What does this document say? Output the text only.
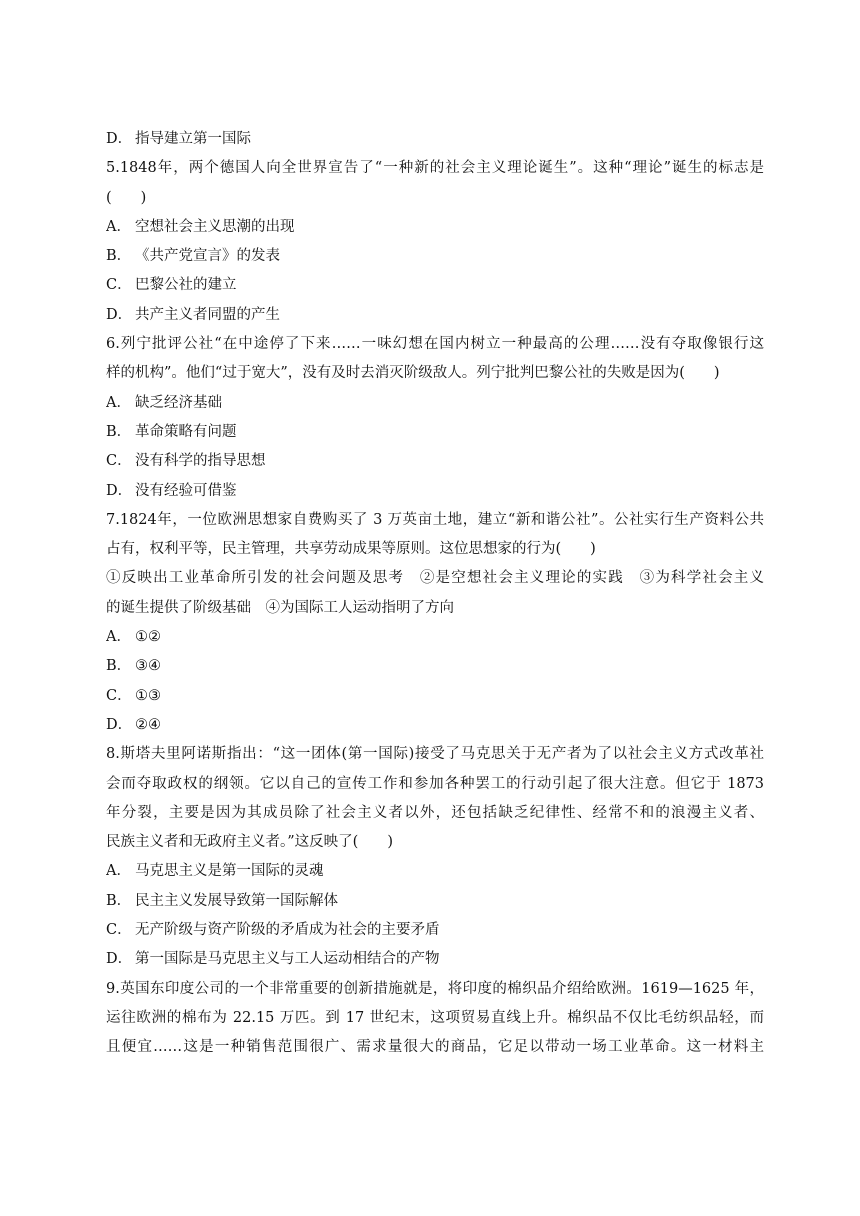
D． 指导建立第一国际
5.1848年，两个德国人向全世界宣告了“一种新的社会主义理论诞生”。这种“理论”诞生的标志是
(　　)
A． 空想社会主义思潮的出现
B． 《共产党宣言》的发表
C． 巴黎公社的建立
D． 共产主义者同盟的产生
6.列宁批评公社“在中途停了下来……一味幻想在国内树立一种最高的公理……没有夺取像银行这
样的机构”。他们“过于宽大”，没有及时去消灭阶级敌人。列宁批判巴黎公社的失败是因为(　　)
A． 缺乏经济基础
B． 革命策略有问题
C． 没有科学的指导思想
D． 没有经验可借鉴
7.1824年，一位欧洲思想家自费购买了 3 万英亩土地，建立“新和谐公社”。公社实行生产资料公共
占有，权利平等，民主管理，共享劳动成果等原则。这位思想家的行为(　　)
①反映出工业革命所引发的社会问题及思考　②是空想社会主义理论的实践　③为科学社会主义
的诞生提供了阶级基础　④为国际工人运动指明了方向
A． ①②
B． ③④
C． ①③
D． ②④
8.斯塔夫里阿诺斯指出：“这一团体(第一国际)接受了马克思关于无产者为了以社会主义方式改革社
会而夺取政权的纲领。它以自己的宣传工作和参加各种罢工的行动引起了很大注意。但它于 1873
年分裂，主要是因为其成员除了社会主义者以外，还包括缺乏纪律性、经常不和的浪漫主义者、
民族主义者和无政府主义者。”这反映了(　　)
A． 马克思主义是第一国际的灵魂
B． 民主主义发展导致第一国际解体
C． 无产阶级与资产阶级的矛盾成为社会的主要矛盾
D． 第一国际是马克思主义与工人运动相结合的产物
9.英国东印度公司的一个非常重要的创新措施就是，将印度的棉织品介绍给欧洲。1619—1625 年，
运往欧洲的棉布为 22.15 万匹。到 17 世纪末，这项贸易直线上升。棉织品不仅比毛纺织品轻，而
且便宜……这是一种销售范围很广、需求量很大的商品，它足以带动一场工业革命。这一材料主
